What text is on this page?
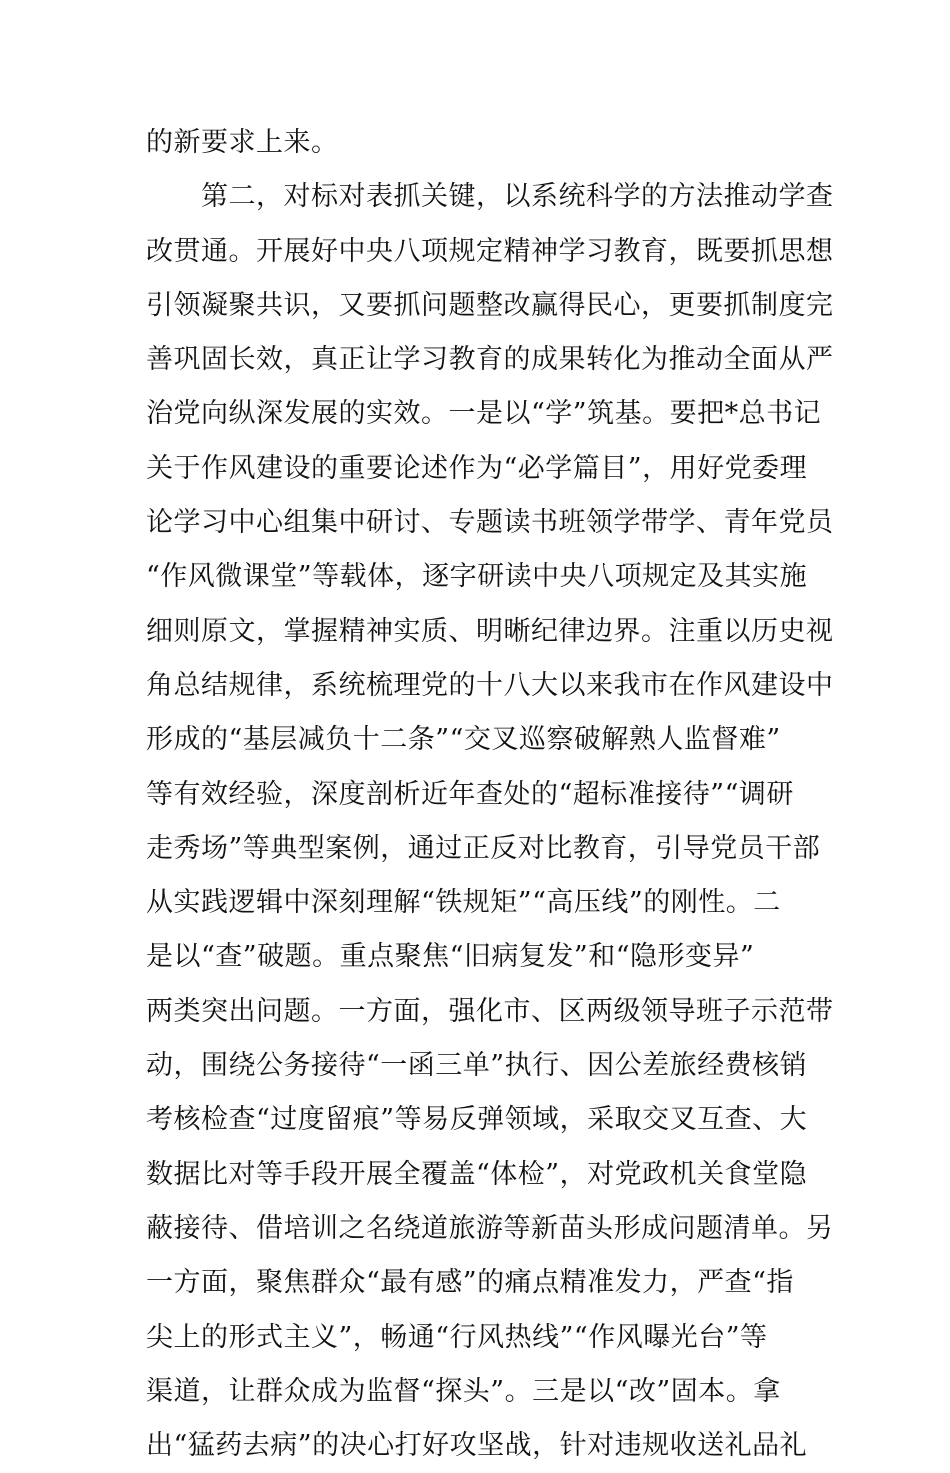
的新要求上来。
　　第二，对标对表抓关键，以系统科学的方法推动学查
改贯通。开展好中央八项规定精神学习教育，既要抓思想
引领凝聚共识，又要抓问题整改赢得民心，更要抓制度完
善巩固长效，真正让学习教育的成果转化为推动全面从严
治党向纵深发展的实效。一是以“学”筑基。要把*总书记
关于作风建设的重要论述作为“必学篇目”，用好党委理
论学习中心组集中研讨、专题读书班领学带学、青年党员
“作风微课堂”等载体，逐字研读中央八项规定及其实施
细则原文，掌握精神实质、明晰纪律边界。注重以历史视
角总结规律，系统梳理党的十八大以来我市在作风建设中
形成的“基层减负十二条”“交叉巡察破解熟人监督难”
等有效经验，深度剖析近年查处的“超标准接待”“调研
走秀场”等典型案例，通过正反对比教育，引导党员干部
从实践逻辑中深刻理解“铁规矩”“高压线”的刚性。二
是以“查”破题。重点聚焦“旧病复发”和“隐形变异”
两类突出问题。一方面，强化市、区两级领导班子示范带
动，围绕公务接待“一函三单”执行、因公差旅经费核销
考核检查“过度留痕”等易反弹领域，采取交叉互查、大
数据比对等手段开展全覆盖“体检”，对党政机关食堂隐
蔽接待、借培训之名绕道旅游等新苗头形成问题清单。另
一方面，聚焦群众“最有感”的痛点精准发力，严查“指
尖上的形式主义”，畅通“行风热线”“作风曝光台”等
渠道，让群众成为监督“探头”。三是以“改”固本。拿
出“猛药去病”的决心打好攻坚战，针对违规收送礼品礼
